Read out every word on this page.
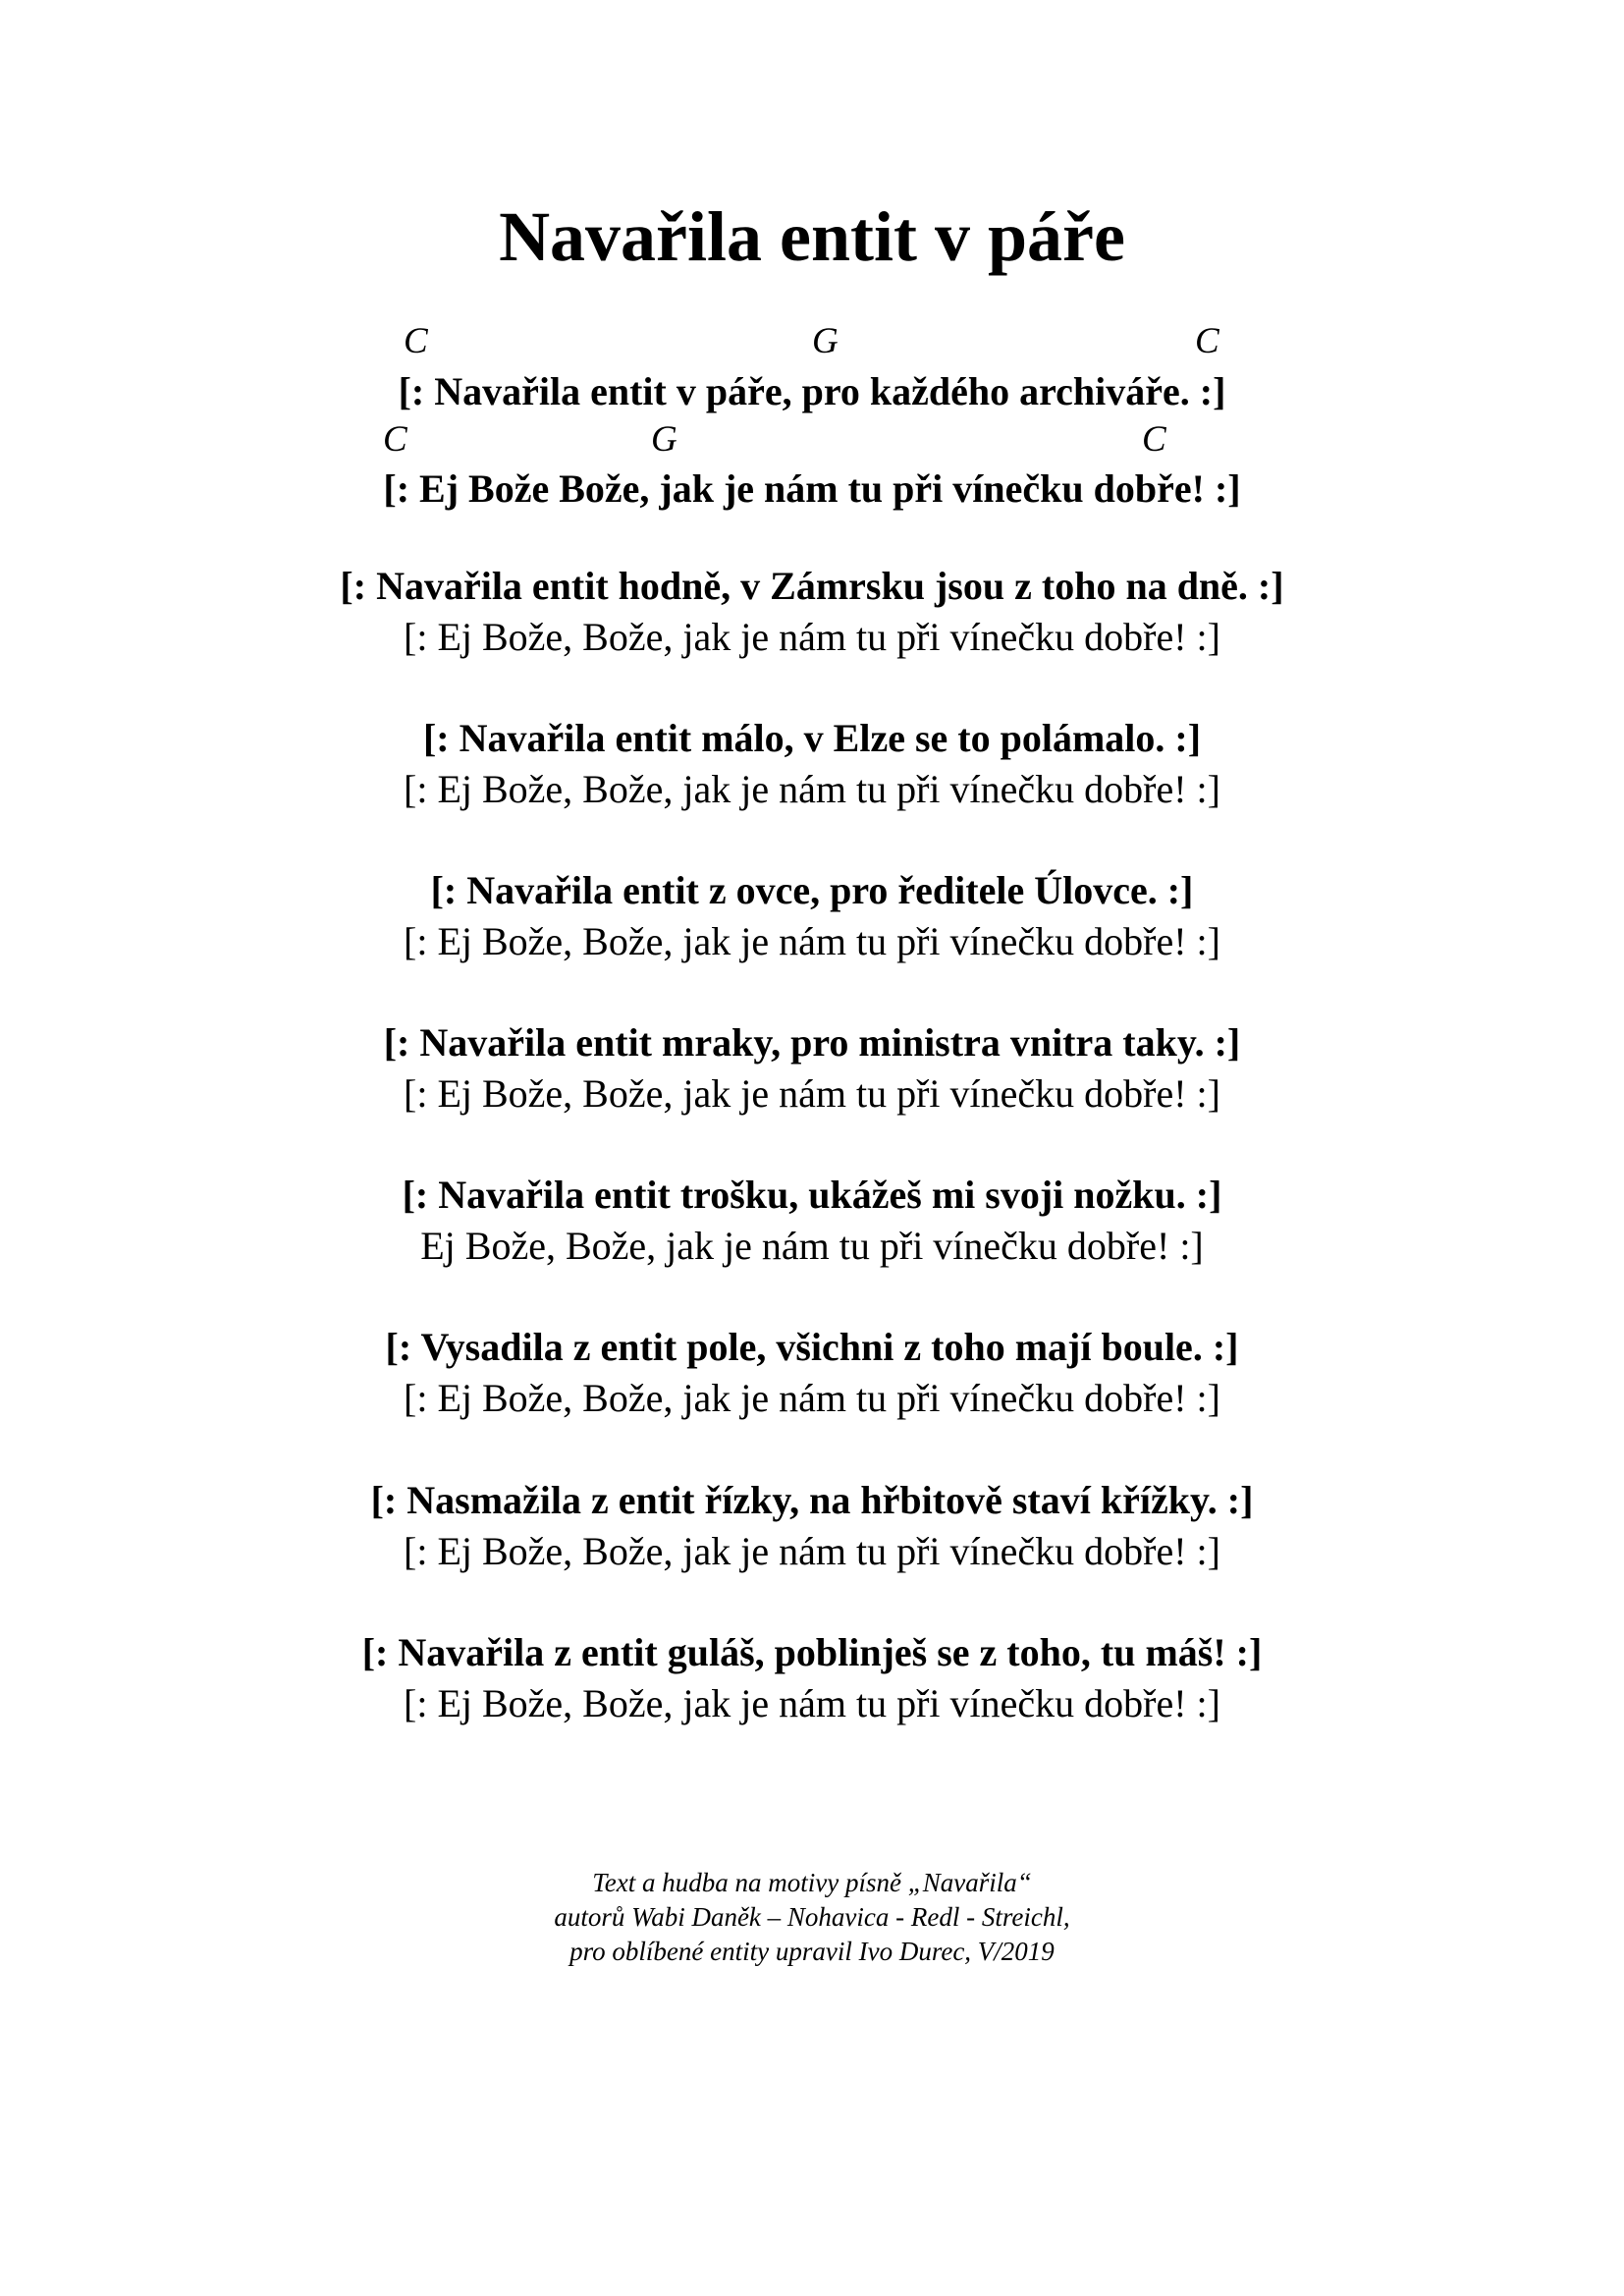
Navařila entit v páře
C	G	C
[: Navařila entit v páře, pro každého archiváře. :]
C	G	C
[: Ej Bože Bože, jak je nám tu při vínečku dobře! :]
[: Navařila entit hodně, v Zámrsku jsou z toho na dně. :]
[: Ej Bože, Bože, jak je nám tu při vínečku dobře! :]
[: Navařila entit málo, v Elze se to polámalo. :]
[: Ej Bože, Bože, jak je nám tu při vínečku dobře! :]
[: Navařila entit z ovce, pro ředitele Úlovce. :]
[: Ej Bože, Bože, jak je nám tu při vínečku dobře! :]
[: Navařila entit mraky, pro ministra vnitra taky. :]
[: Ej Bože, Bože, jak je nám tu při vínečku dobře! :]
[: Navařila entit trošku, ukážeš mi svoji nožku. :]
Ej Bože, Bože, jak je nám tu při vínečku dobře! :]
[: Vysadila z entit pole, všichni z toho mají boule. :]
[: Ej Bože, Bože, jak je nám tu při vínečku dobře! :]
[: Nasmažila z entit řízky, na hřbitově staví křížky. :]
[: Ej Bože, Bože, jak je nám tu při vínečku dobře! :]
[: Navařila z entit guláš, poblinješ se z toho, tu máš! :]
[: Ej Bože, Bože, jak je nám tu při vínečku dobře! :]
Text a hudba na motivy písně „Navařila“
autorů Wabi Daněk – Nohavica - Redl - Streichl,
pro oblíbené entity upravil Ivo Durec, V/2019
